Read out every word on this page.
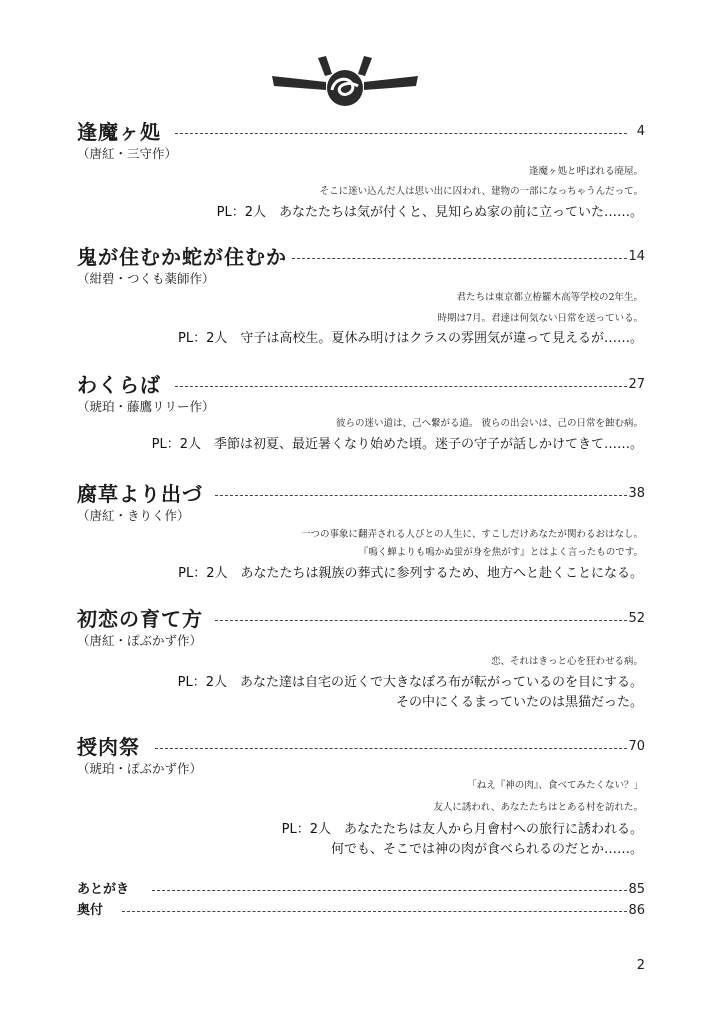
逢魔ヶ処	4
（唐紅・三守作）
逢魔ヶ処と呼ばれる廃屋。
そこに迷い込んだ人は思い出に囚われ、建物の一部になっちゃうんだって。
PL：2人　あなたたちは気が付くと、見知らぬ家の前に立っていた……。
鬼が住むか蛇が住むか	14
（紺碧・つくも薬師作）
君たちは東京都立栫羅木高等学校の2年生。
時期は7月。君達は何気ない日常を送っている。
PL：2人　守子は高校生。夏休み明けはクラスの雰囲気が違って見えるが……。
わくらば	27
（琥珀・藤鷹リリー作）
彼らの迷い道は、己へ繋がる道。 彼らの出会いは、己の日常を蝕む病。
PL：2人　季節は初夏、最近暑くなり始めた頃。迷子の守子が話しかけてきて……。
腐草より出づ	38
（唐紅・きりく作）
一つの事象に翻弄される人びとの人生に、すこしだけあなたが関わるおはなし。
『鳴く蝉よりも鳴かぬ蛍が身を焦がす』とはよく言ったものです。
PL：2人　あなたたちは親族の葬式に参列するため、地方へと赴くことになる。
初恋の育て方	52
（唐紅・ぽぶかず作）
恋、それはきっと心を狂わせる病。
PL：2人　あなた達は自宅の近くで大きなぼろ布が転がっているのを目にする。
その中にくるまっていたのは黒猫だった。
授肉祭	70
（琥珀・ぽぶかず作）
「ねえ『神の肉』、食べてみたくない？」
友人に誘われ、あなたたちはとある村を訪れた。
PL：2人　あなたたちは友人から月會村への旅行に誘われる。
何でも、そこでは神の肉が食べられるのだとか……。
あとがき	85
奥付	86
2
